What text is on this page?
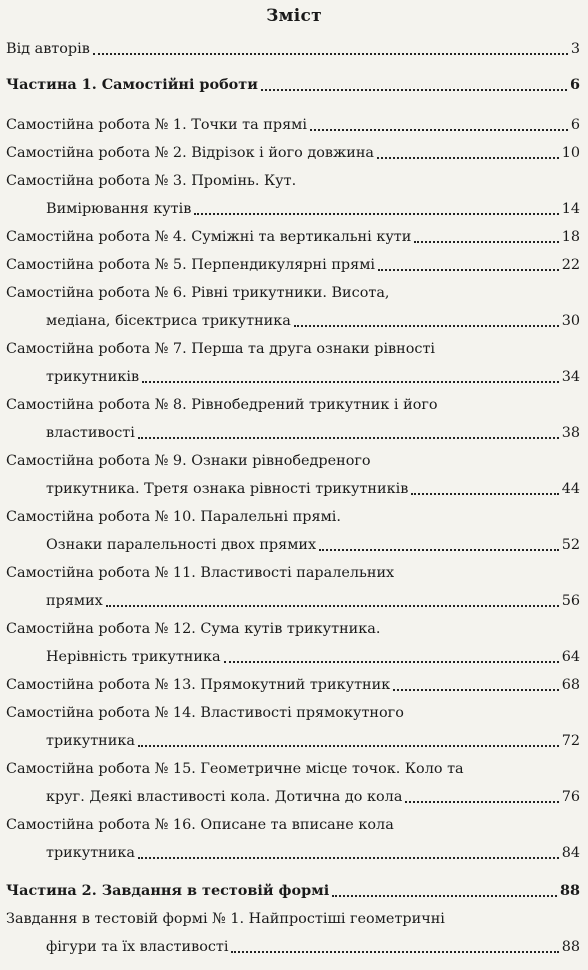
Зміст
Від авторів	3
Частина 1. Самостійні роботи	6
Самостійна робота № 1. Точки та прямі	6
Самостійна робота № 2. Відрізок і його довжина	10
Самостійна робота № 3. Промінь. Кут.
Вимірювання кутів	14
Самостійна робота № 4. Суміжні та вертикальні кути	18
Самостійна робота № 5. Перпендикулярні прямі	22
Самостійна робота № 6. Рівні трикутники. Висота,
медіана, бісектриса трикутника	30
Самостійна робота № 7. Перша та друга ознаки рівності
трикутників	34
Самостійна робота № 8. Рівнобедрений трикутник і його
властивості	38
Самостійна робота № 9. Ознаки рівнобедреного
трикутника. Третя ознака рівності трикутників	44
Самостійна робота № 10. Паралельні прямі.
Ознаки паралельності двох прямих	52
Самостійна робота № 11. Властивості паралельних
прямих	56
Самостійна робота № 12. Сума кутів трикутника.
Нерівність трикутника	64
Самостійна робота № 13. Прямокутний трикутник	68
Самостійна робота № 14. Властивості прямокутного
трикутника	72
Самостійна робота № 15. Геометричне місце точок. Коло та
круг. Деякі властивості кола. Дотична до кола	76
Самостійна робота № 16. Описане та вписане кола
трикутника	84
Частина 2. Завдання в тестовій формі	88
Завдання в тестовій формі № 1. Найпростіші геометричні
фігури та їх властивості	88
